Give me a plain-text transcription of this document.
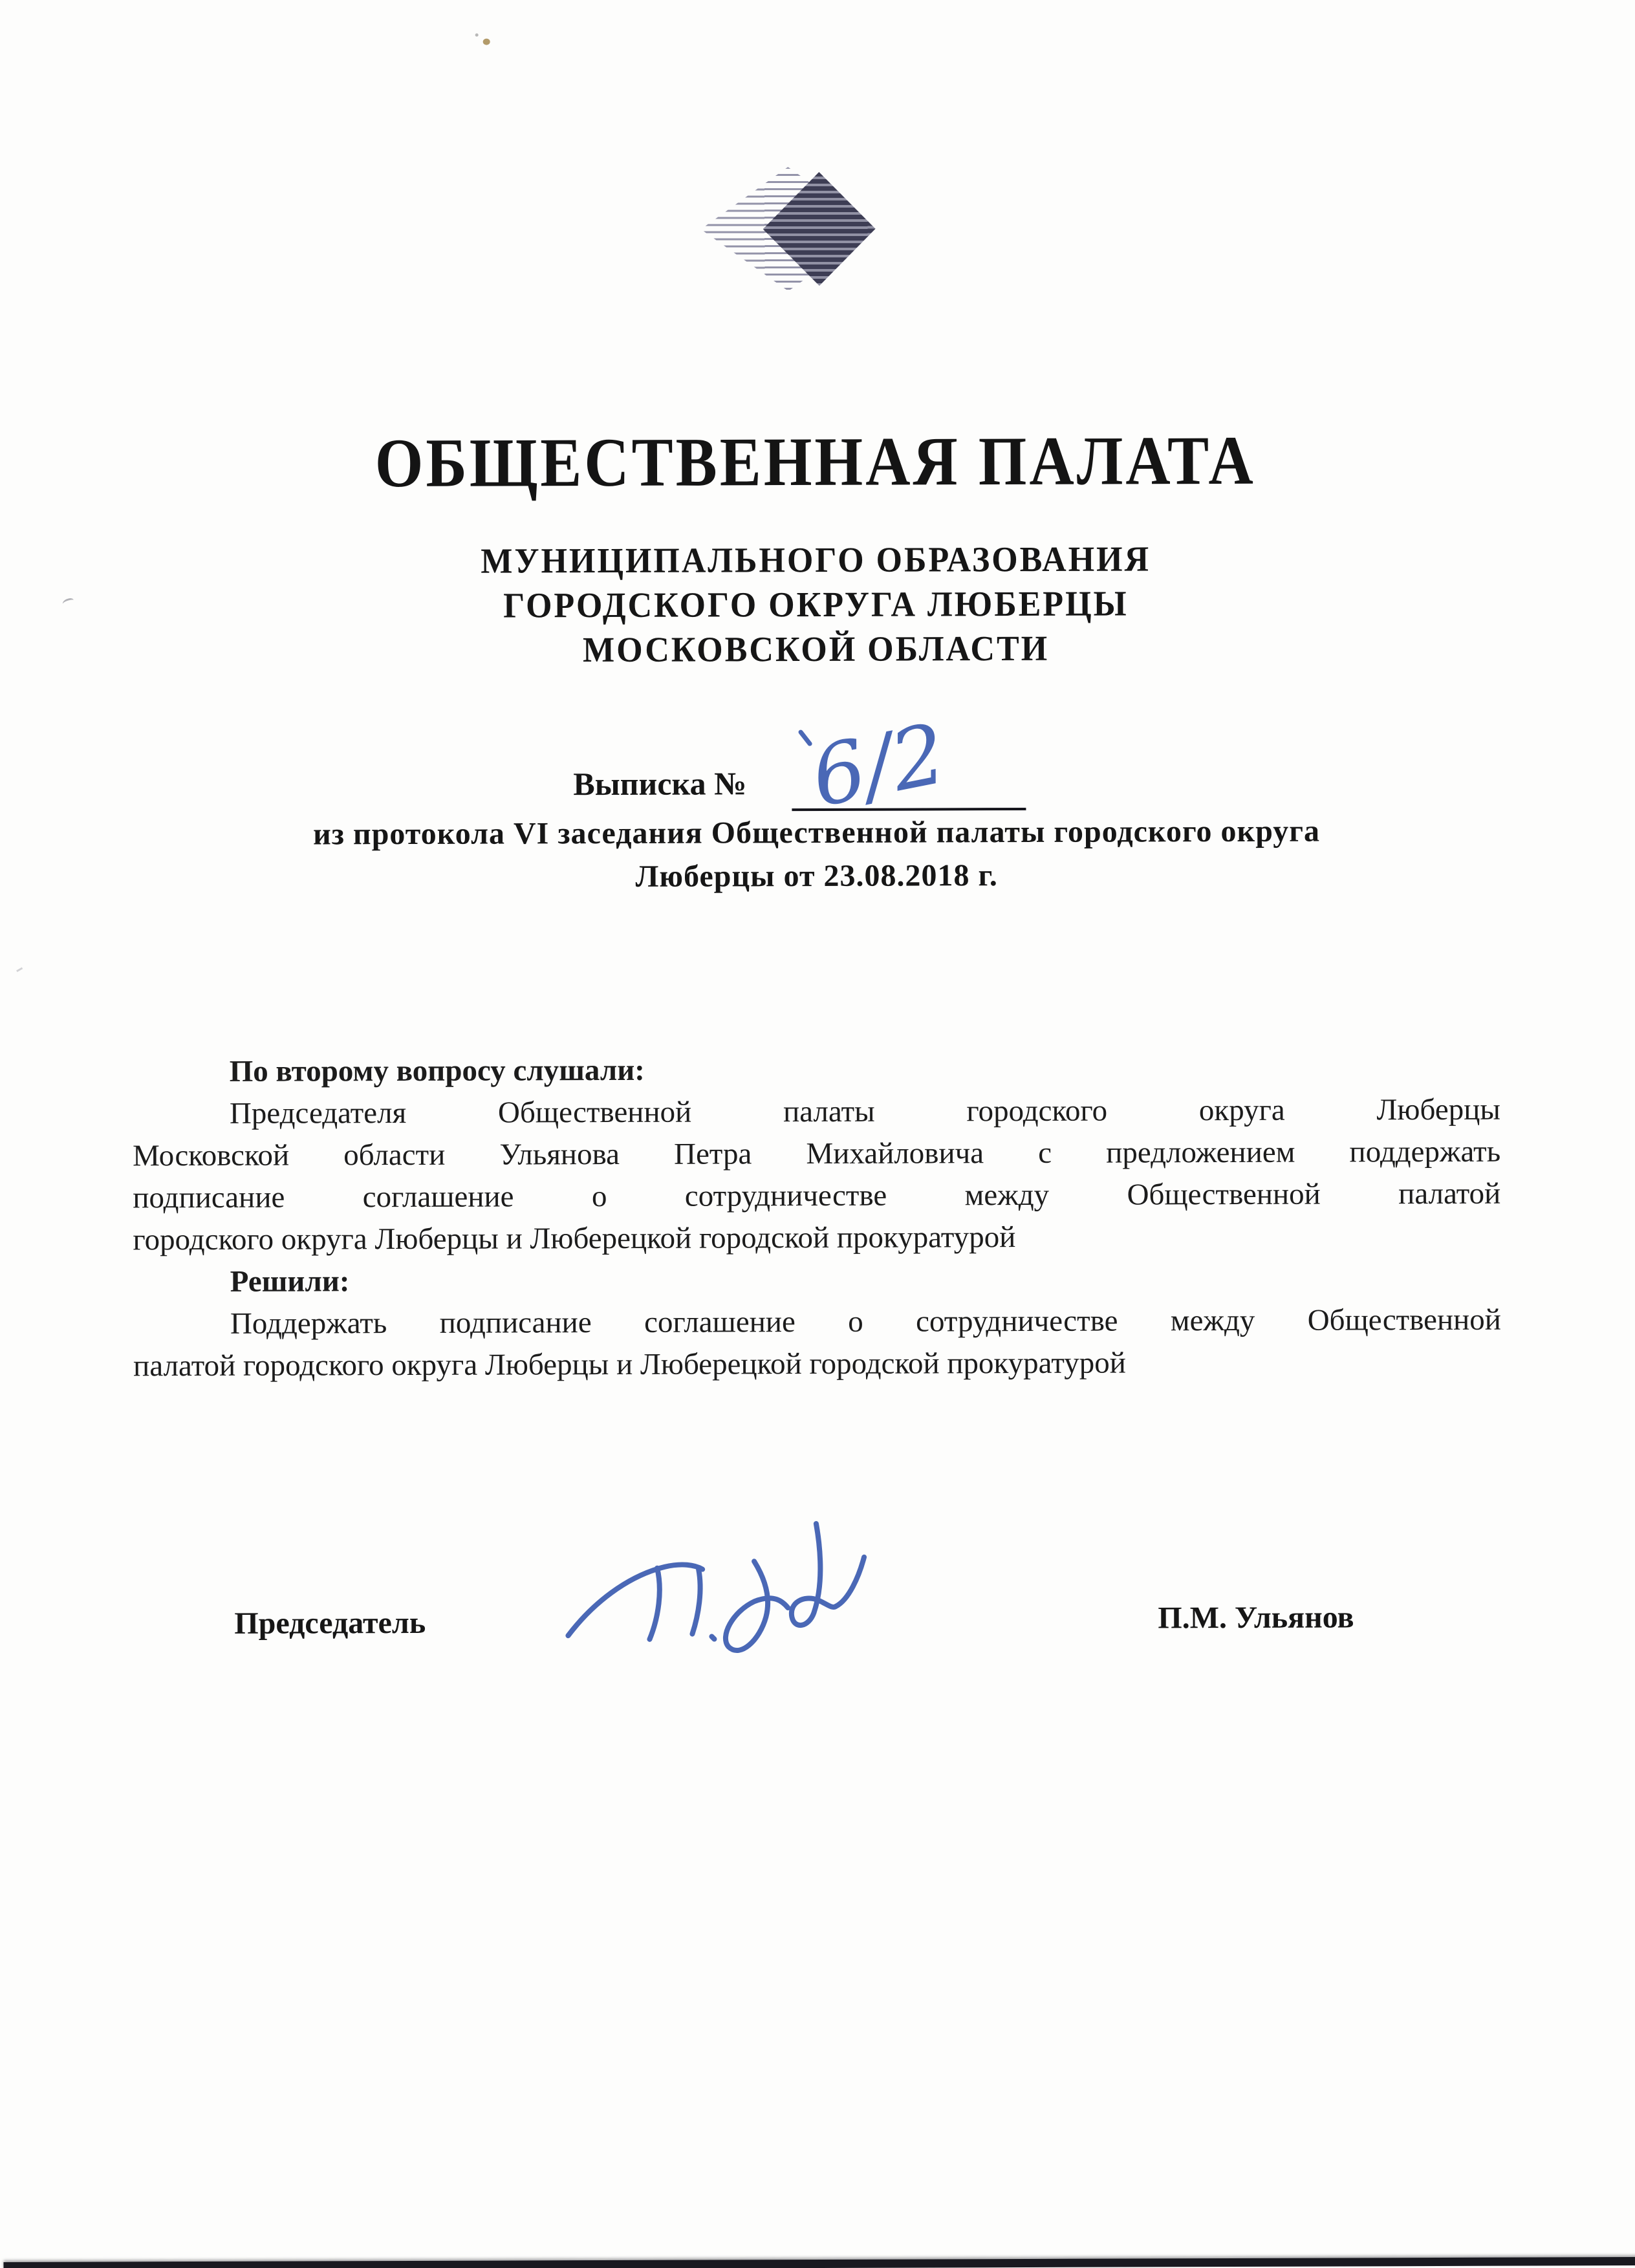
ОБЩЕСТВЕННАЯ ПАЛАТА
МУНИЦИПАЛЬНОГО ОБРАЗОВАНИЯ
ГОРОДСКОГО ОКРУГА ЛЮБЕРЦЫ
МОСКОВСКОЙ ОБЛАСТИ
Выписка № 6/2
из протокола VI заседания Общественной палаты городского округа
Люберцы от 23.08.2018 г.
По второму вопросу слушали:
Председателя Общественной палаты городского округа Люберцы
Московской области Ульянова Петра Михайловича с предложением поддержать
подписание соглашение о сотрудничестве между Общественной палатой
городского округа Люберцы и Люберецкой городской прокуратурой
Решили:
Поддержать подписание соглашение о сотрудничестве между Общественной
палатой городского округа Люберцы и Люберецкой городской прокуратурой
Председатель	П.М. Ульянов
